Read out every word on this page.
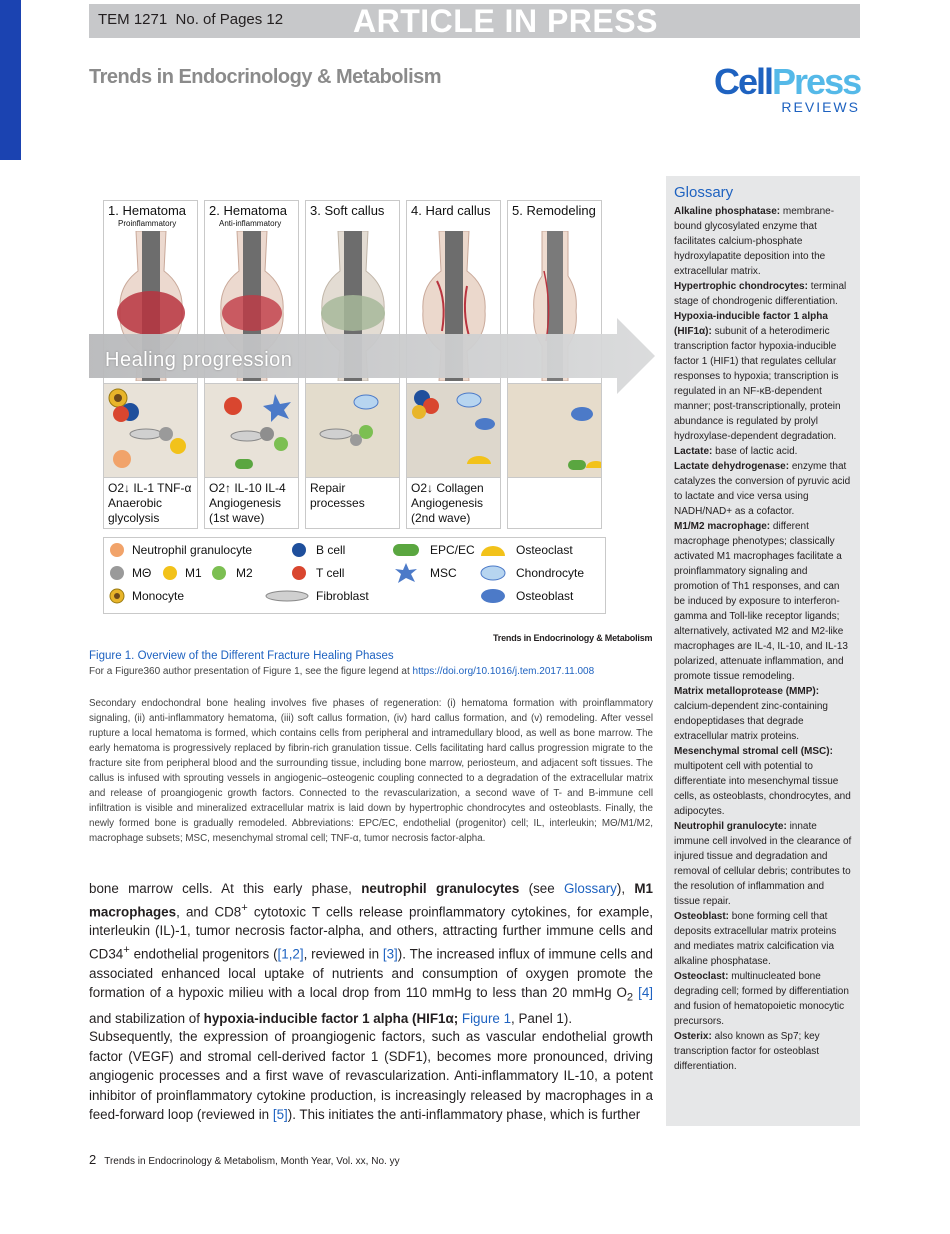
TEM 1271 No. of Pages 12 ARTICLE IN PRESS
Trends in Endocrinology & Metabolism	CellPress
REVIEWS
1. Hematoma
Proinflammatory
2. Hematoma
Anti-inflammatory
3. Soft callus 4. Hard callus 5. Remodeling
Healing progression
O2↓ IL-1 TNF-α
Anaerobic
glycolysis
O2↑ IL-10 IL-4
Angiogenesis
(1st wave)
Repair
processes
O2↓ Collagen
Angiogenesis
(2nd wave)
Neutrophil granulocyte
MΘ	M1	M2
Monocyte
B cell
T cell
Fibroblast
EPC/EC
MSC
Osteoclast
Chondrocyte
Osteoblast
Trends in Endocrinology & Metabolism
Figure 1. Overview of the Different Fracture Healing Phases
For a Figure360 author presentation of Figure 1, see the figure legend at https://doi.org/10.1016/j.tem.2017.11.008
Secondary endochondral bone healing involves five phases of regeneration: (i) hematoma formation with proinflammatory signaling, (ii) anti-inflammatory hematoma, (iii) soft callus formation, (iv) hard callus formation, and (v) remodeling. After vessel rupture a local hematoma is formed, which contains cells from peripheral and intramedullary blood, as well as bone marrow. The early hematoma is progressively replaced by fibrin-rich granulation tissue. Cells facilitating hard callus progression migrate to the fracture site from peripheral blood and the surrounding tissue, including bone marrow, periosteum, and adjacent soft tissues. The callus is infused with sprouting vessels in angiogenic–osteogenic coupling connected to a degradation of the extracellular matrix and release of proangiogenic growth factors. Connected to the revascularization, a second wave of T- and B-immune cell infiltration is visible and mineralized extracellular matrix is laid down by hypertrophic chondrocytes and osteoblasts. Finally, the newly formed bone is gradually remodeled. Abbreviations: EPC/EC, endothelial (progenitor) cell; IL, interleukin; MΘ/M1/M2, macrophage subsets; MSC, mesenchymal stromal cell; TNF-α, tumor necrosis factor-alpha.
bone marrow cells. At this early phase, neutrophil granulocytes (see Glossary), M1 macrophages, and CD8+ cytotoxic T cells release proinflammatory cytokines, for example, interleukin (IL)-1, tumor necrosis factor-alpha, and others, attracting further immune cells and CD34+ endothelial progenitors ([1,2], reviewed in [3]). The increased influx of immune cells and associated enhanced local uptake of nutrients and consumption of oxygen promote the formation of a hypoxic milieu with a local drop from 110 mmHg to less than 20 mmHg $O_2$ [4] and stabilization of hypoxia-inducible factor 1 alpha (HIF1α; Figure 1, Panel 1).
Subsequently, the expression of proangiogenic factors, such as vascular endothelial growth factor (VEGF) and stromal cell-derived factor 1 (SDF1), becomes more pronounced, driving angiogenic processes and a first wave of revascularization. Anti-inflammatory IL-10, a potent inhibitor of proinflammatory cytokine production, is increasingly released by macrophages in a feed-forward loop (reviewed in [5]). This initiates the anti-inflammatory phase, which is further
2 Trends in Endocrinology & Metabolism, Month Year, Vol. xx, No. yy
Glossary
Alkaline phosphatase: membrane-bound glycosylated enzyme that facilitates calcium-phosphate hydroxylapatite deposition into the extracellular matrix.
Hypertrophic chondrocytes: terminal stage of chondrogenic differentiation.
Hypoxia-inducible factor 1 alpha (HIF1α): subunit of a heterodimeric transcription factor hypoxia-inducible factor 1 (HIF1) that regulates cellular responses to hypoxia; transcription is regulated in an NF-κB-dependent manner; post-transcriptionally, protein abundance is regulated by prolyl hydroxylase-dependent degradation.
Lactate: base of lactic acid.
Lactate dehydrogenase: enzyme that catalyzes the conversion of pyruvic acid to lactate and vice versa using NADH/NAD+ as a cofactor.
M1/M2 macrophage: different macrophage phenotypes; classically activated M1 macrophages facilitate a proinflammatory signaling and promotion of Th1 responses, and can be induced by exposure to interferon-gamma and Toll-like receptor ligands; alternatively, activated M2 and M2-like macrophages are IL-4, IL-10, and IL-13 polarized, attenuate inflammation, and promote tissue remodeling.
Matrix metalloprotease (MMP): calcium-dependent zinc-containing endopeptidases that degrade extracellular matrix proteins.
Mesenchymal stromal cell (MSC): multipotent cell with potential to differentiate into mesenchymal tissue cells, as osteoblasts, chondrocytes, and adipocytes.
Neutrophil granulocyte: innate immune cell involved in the clearance of injured tissue and degradation and removal of cellular debris; contributes to the resolution of inflammation and tissue repair.
Osteoblast: bone forming cell that deposits extracellular matrix proteins and mediates matrix calcification via alkaline phosphatase.
Osteoclast: multinucleated bone degrading cell; formed by differentiation and fusion of hematopoietic monocytic precursors.
Osterix: also known as Sp7; key transcription factor for osteoblast differentiation.
